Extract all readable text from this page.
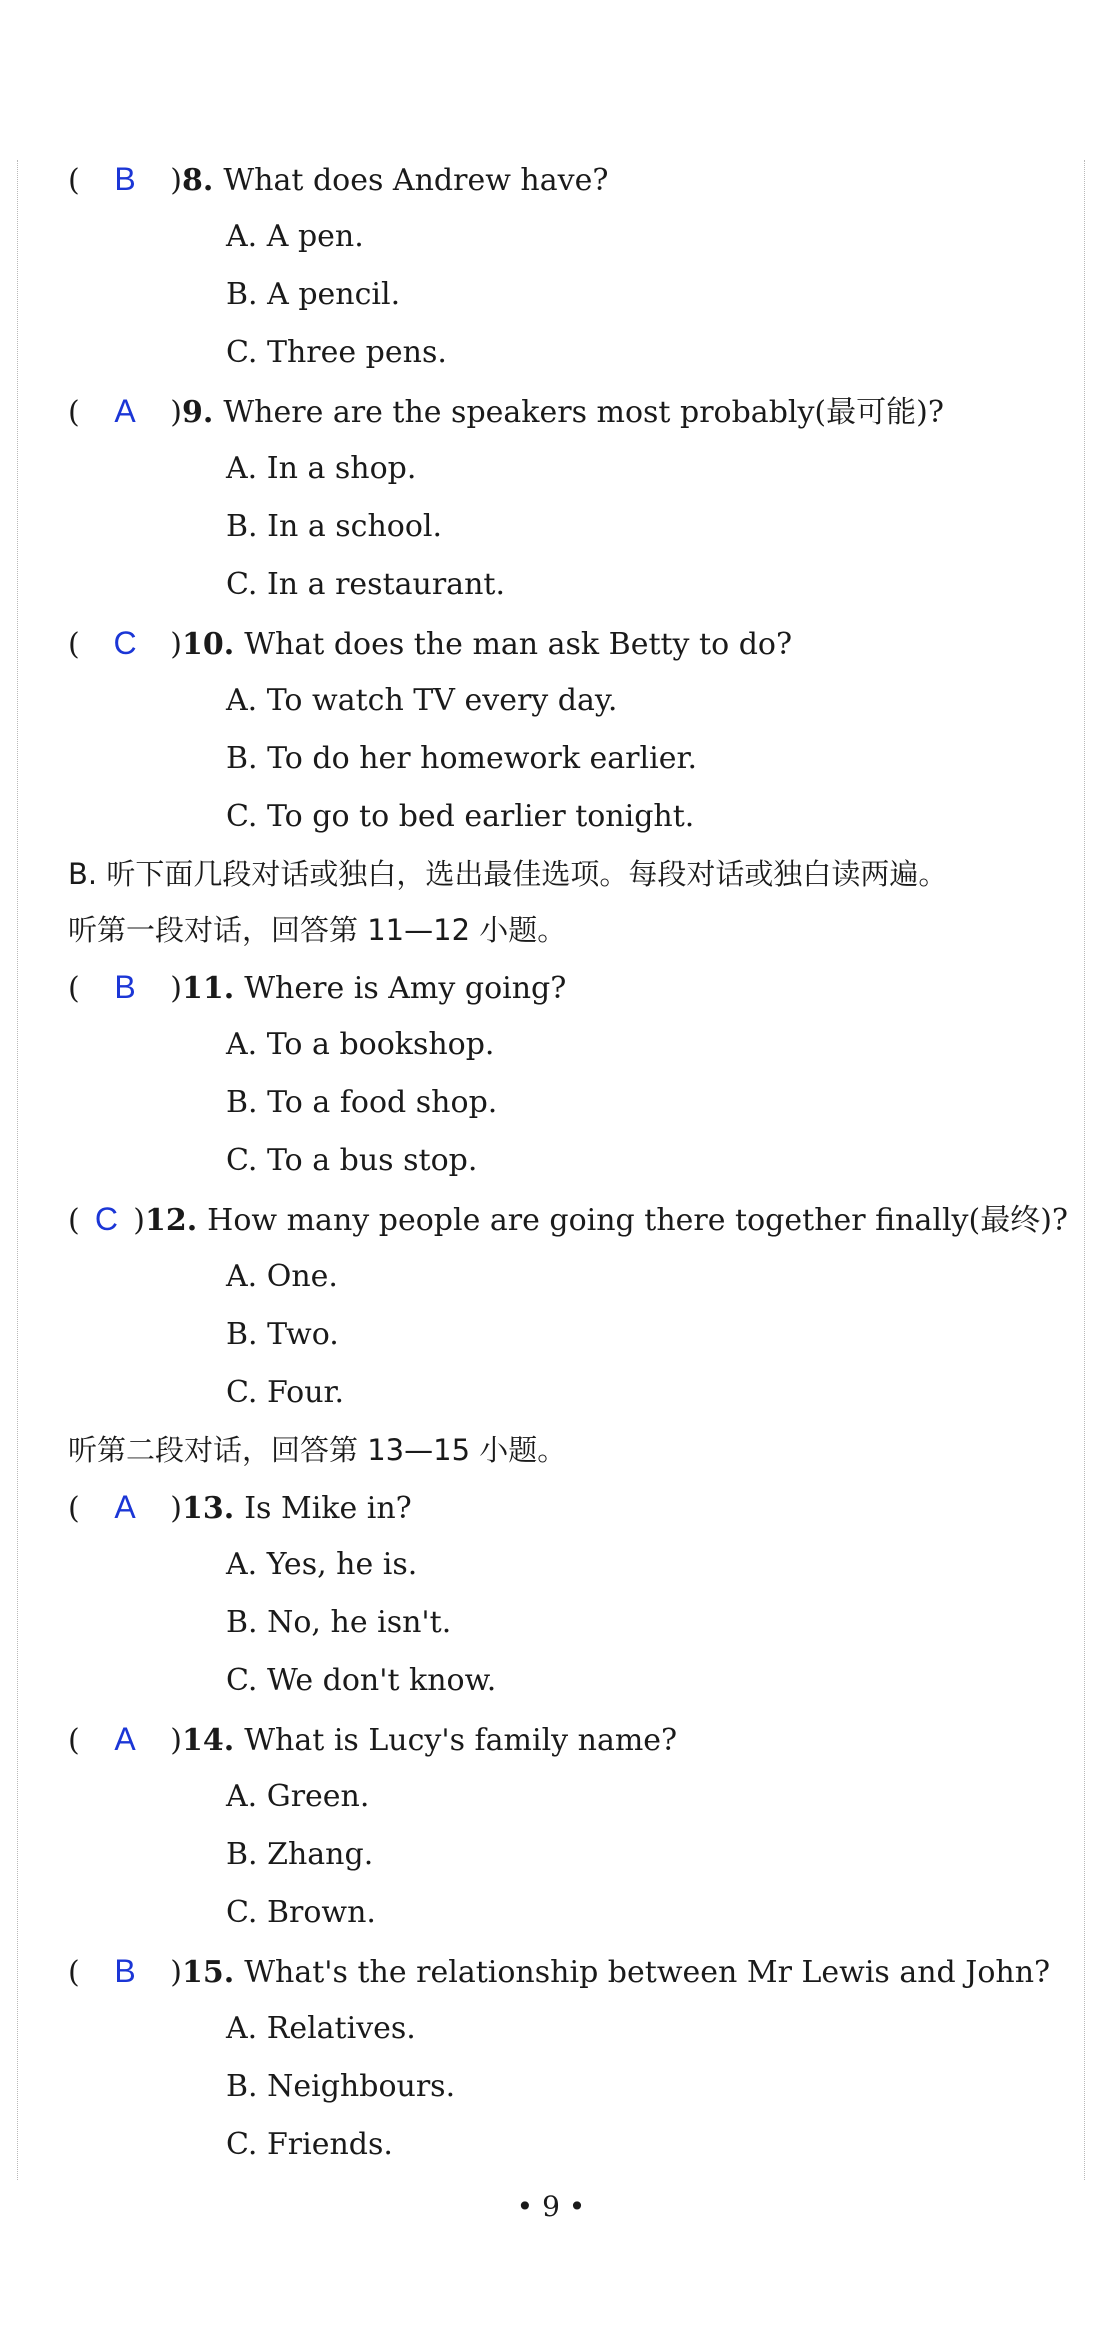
( B ) 8. What does Andrew have?
A. A pen.
B. A pencil.
C. Three pens.
( A ) 9. Where are the speakers most probably(最可能)?
A. In a shop.
B. In a school.
C. In a restaurant.
( C ) 10. What does the man ask Betty to do?
A. To watch TV every day.
B. To do her homework earlier.
C. To go to bed earlier tonight.
B. 听下面几段对话或独白，选出最佳选项。每段对话或独白读两遍。
听第一段对话，回答第 11—12 小题。
( B ) 11. Where is Amy going?
A. To a bookshop.
B. To a food shop.
C. To a bus stop.
( C ) 12. How many people are going there together finally(最终)?
A. One.
B. Two.
C. Four.
听第二段对话，回答第 13—15 小题。
( A ) 13. Is Mike in?
A. Yes, he is.
B. No, he isn't.
C. We don't know.
( A ) 14. What is Lucy's family name?
A. Green.
B. Zhang.
C. Brown.
( B ) 15. What's the relationship between Mr Lewis and John?
A. Relatives.
B. Neighbours.
C. Friends.
• 9 •
